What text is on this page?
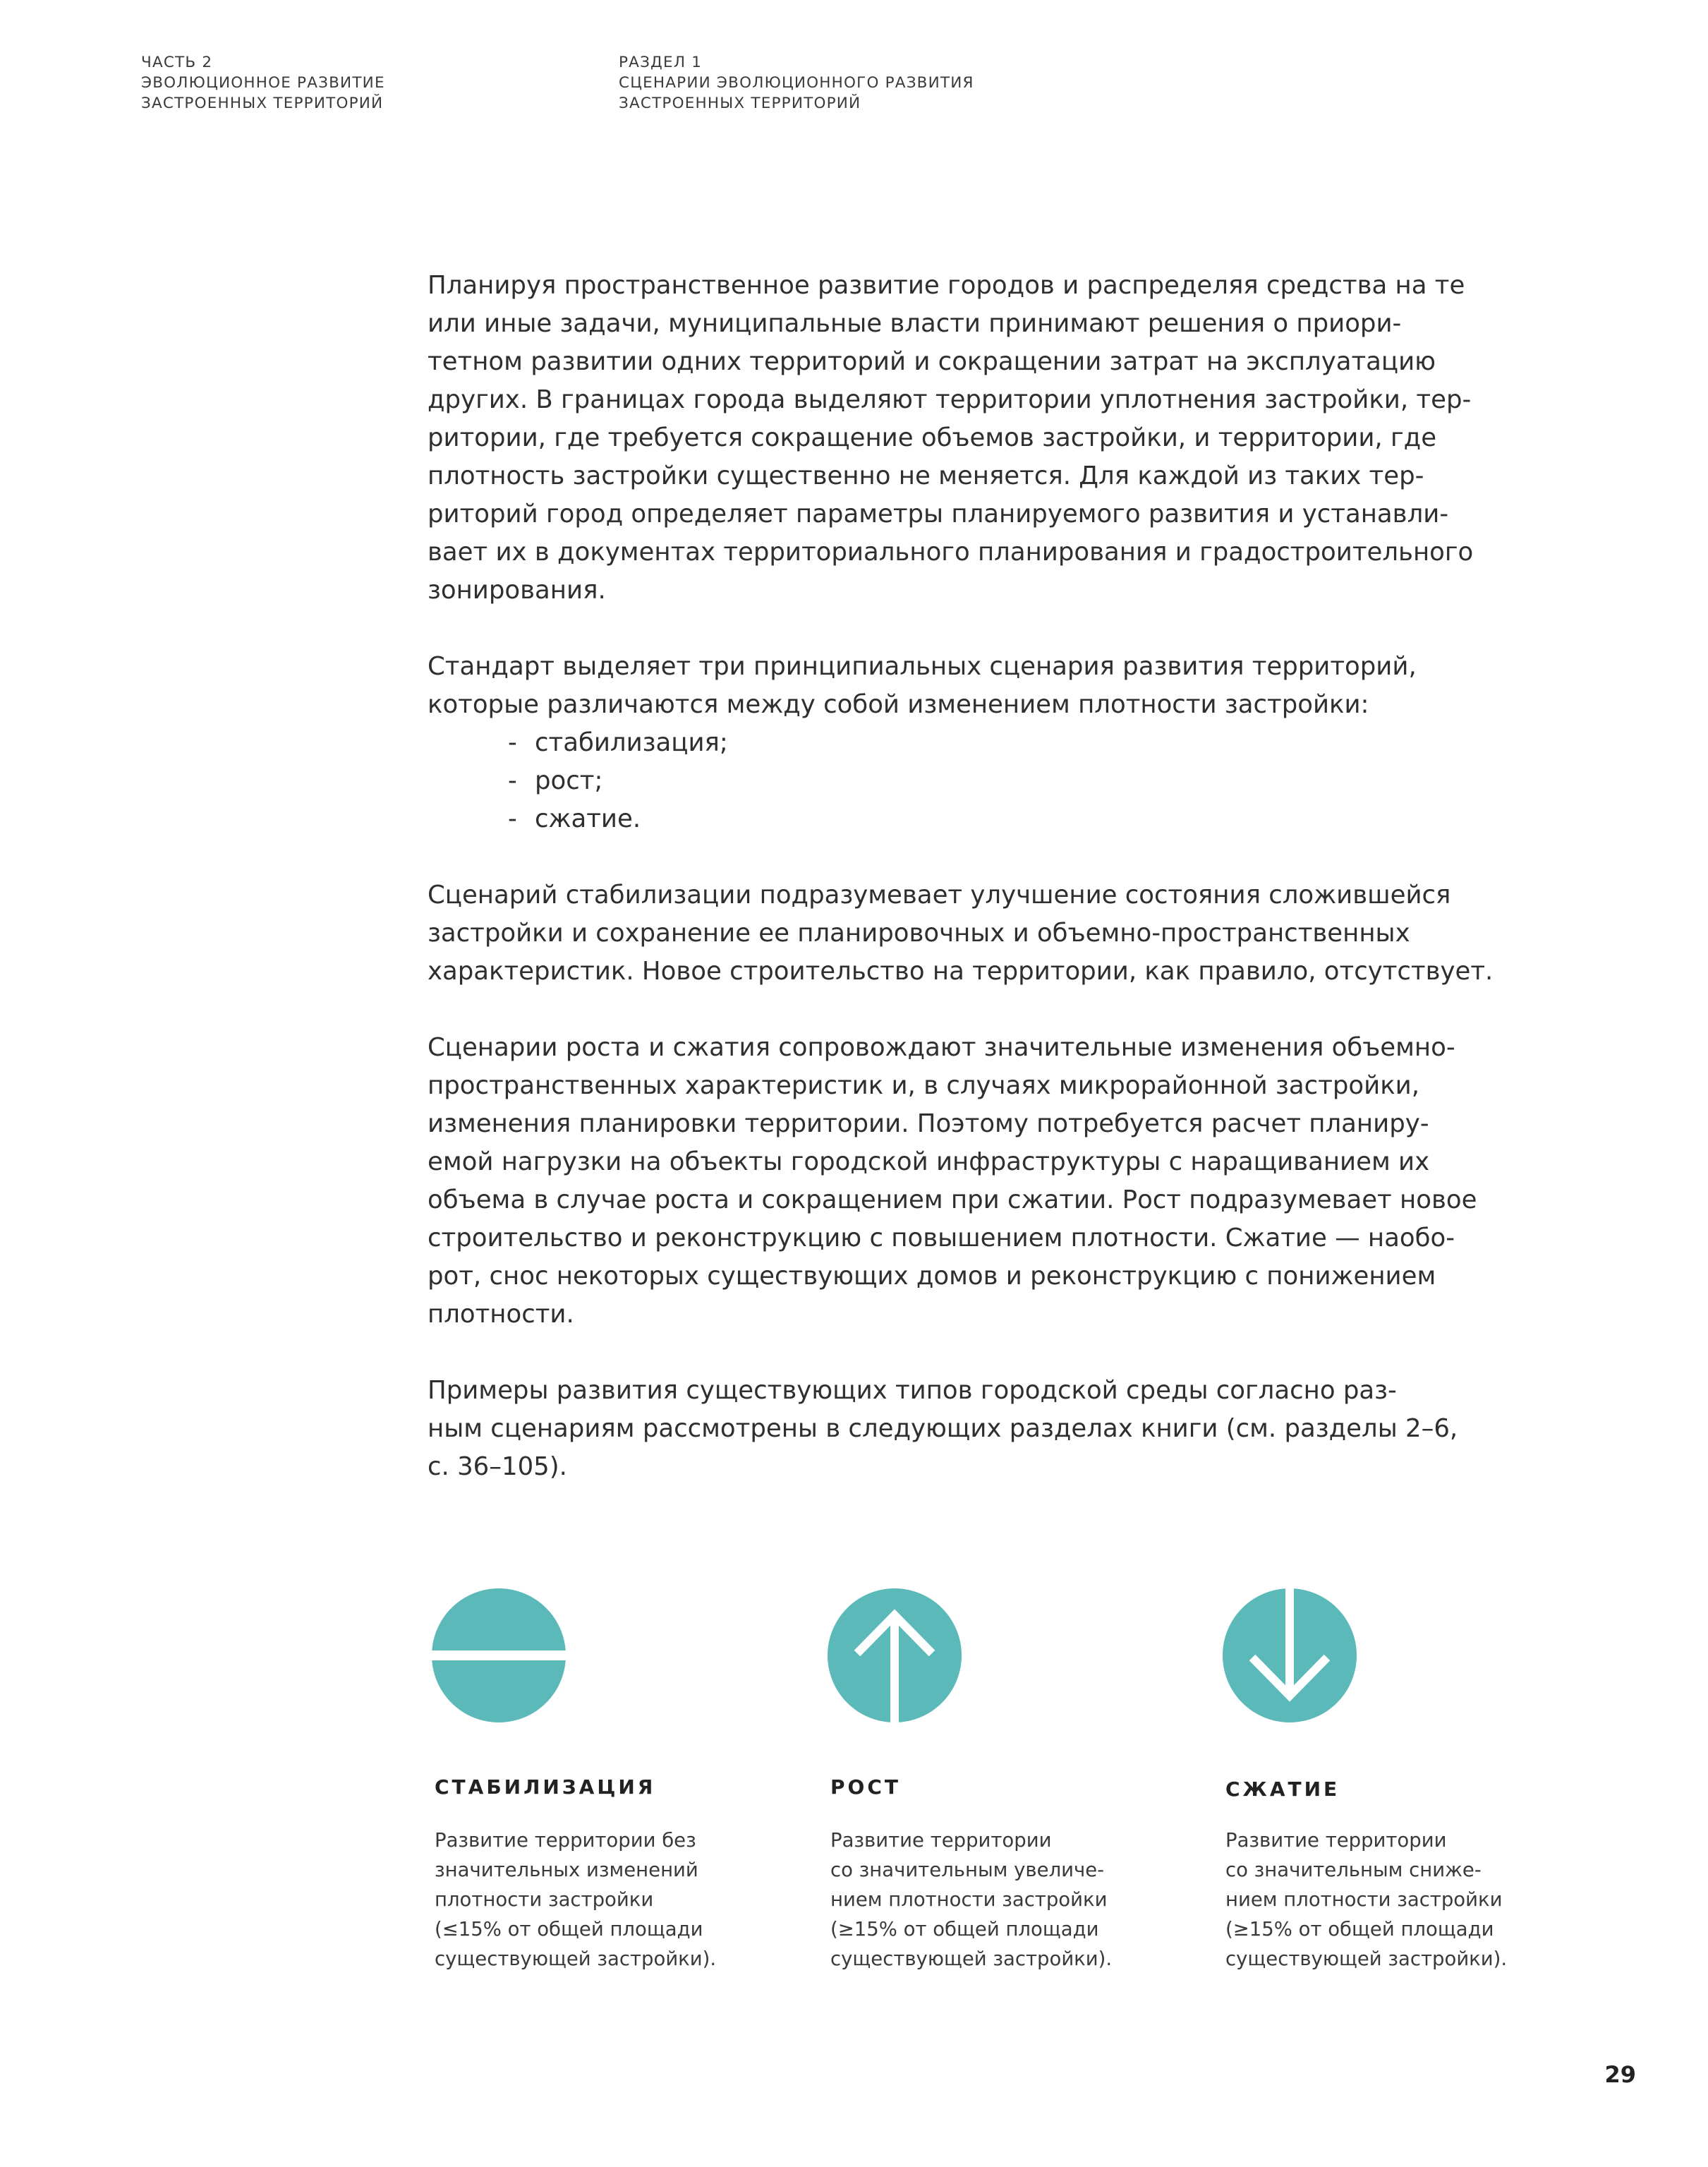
ЧАСТЬ 2
ЭВОЛЮЦИОННОЕ РАЗВИТИЕ
ЗАСТРОЕННЫХ ТЕРРИТОРИЙ
РАЗДЕЛ 1
СЦЕНАРИИ ЭВОЛЮЦИОННОГО РАЗВИТИЯ
ЗАСТРОЕННЫХ ТЕРРИТОРИЙ

Планируя пространственное развитие городов и распределяя средства на те
или иные задачи, муниципальные власти принимают решения о приори-
тетном развитии одних территорий и сокращении затрат на эксплуатацию
других. В границах города выделяют территории уплотнения застройки, тер-
ритории, где требуется сокращение объемов застройки, и территории, где
плотность застройки существенно не меняется. Для каждой из таких тер-
риторий город определяет параметры планируемого развития и устанавли-
вает их в документах территориального планирования и градостроительного
зонирования.

Стандарт выделяет три принципиальных сценария развития территорий,
которые различаются между собой изменением плотности застройки:

- стабилизация;
- рост;
- сжатие.

Сценарий стабилизации подразумевает улучшение состояния сложившейся
застройки и сохранение ее планировочных и объемно-пространственных
характеристик. Новое строительство на территории, как правило, отсутствует.

Сценарии роста и сжатия сопровождают значительные изменения объемно-
пространственных характеристик и, в случаях микрорайонной застройки,
изменения планировки территории. Поэтому потребуется расчет планиру-
емой нагрузки на объекты городской инфраструктуры с наращиванием их
объема в случае роста и сокращением при сжатии. Рост подразумевает новое
строительство и реконструкцию с повышением плотности. Сжатие — наобо-
рот, снос некоторых существующих домов и реконструкцию с понижением
плотности.

Примеры развития существующих типов городской среды согласно раз-
ным сценариям рассмотрены в следующих разделах книги (см. разделы 2–6,
с. 36–105).

СТАБИЛИЗАЦИЯ
Развитие территории без
значительных изменений
плотности застройки
(≤15% от общей площади
существующей застройки).
РОСТ
Развитие территории
со значительным увеличе-
нием плотности застройки
(≥15% от общей площади
существующей застройки).
СЖАТИЕ
Развитие территории
со значительным сниже-
нием плотности застройки
(≥15% от общей площади
существующей застройки).
29
